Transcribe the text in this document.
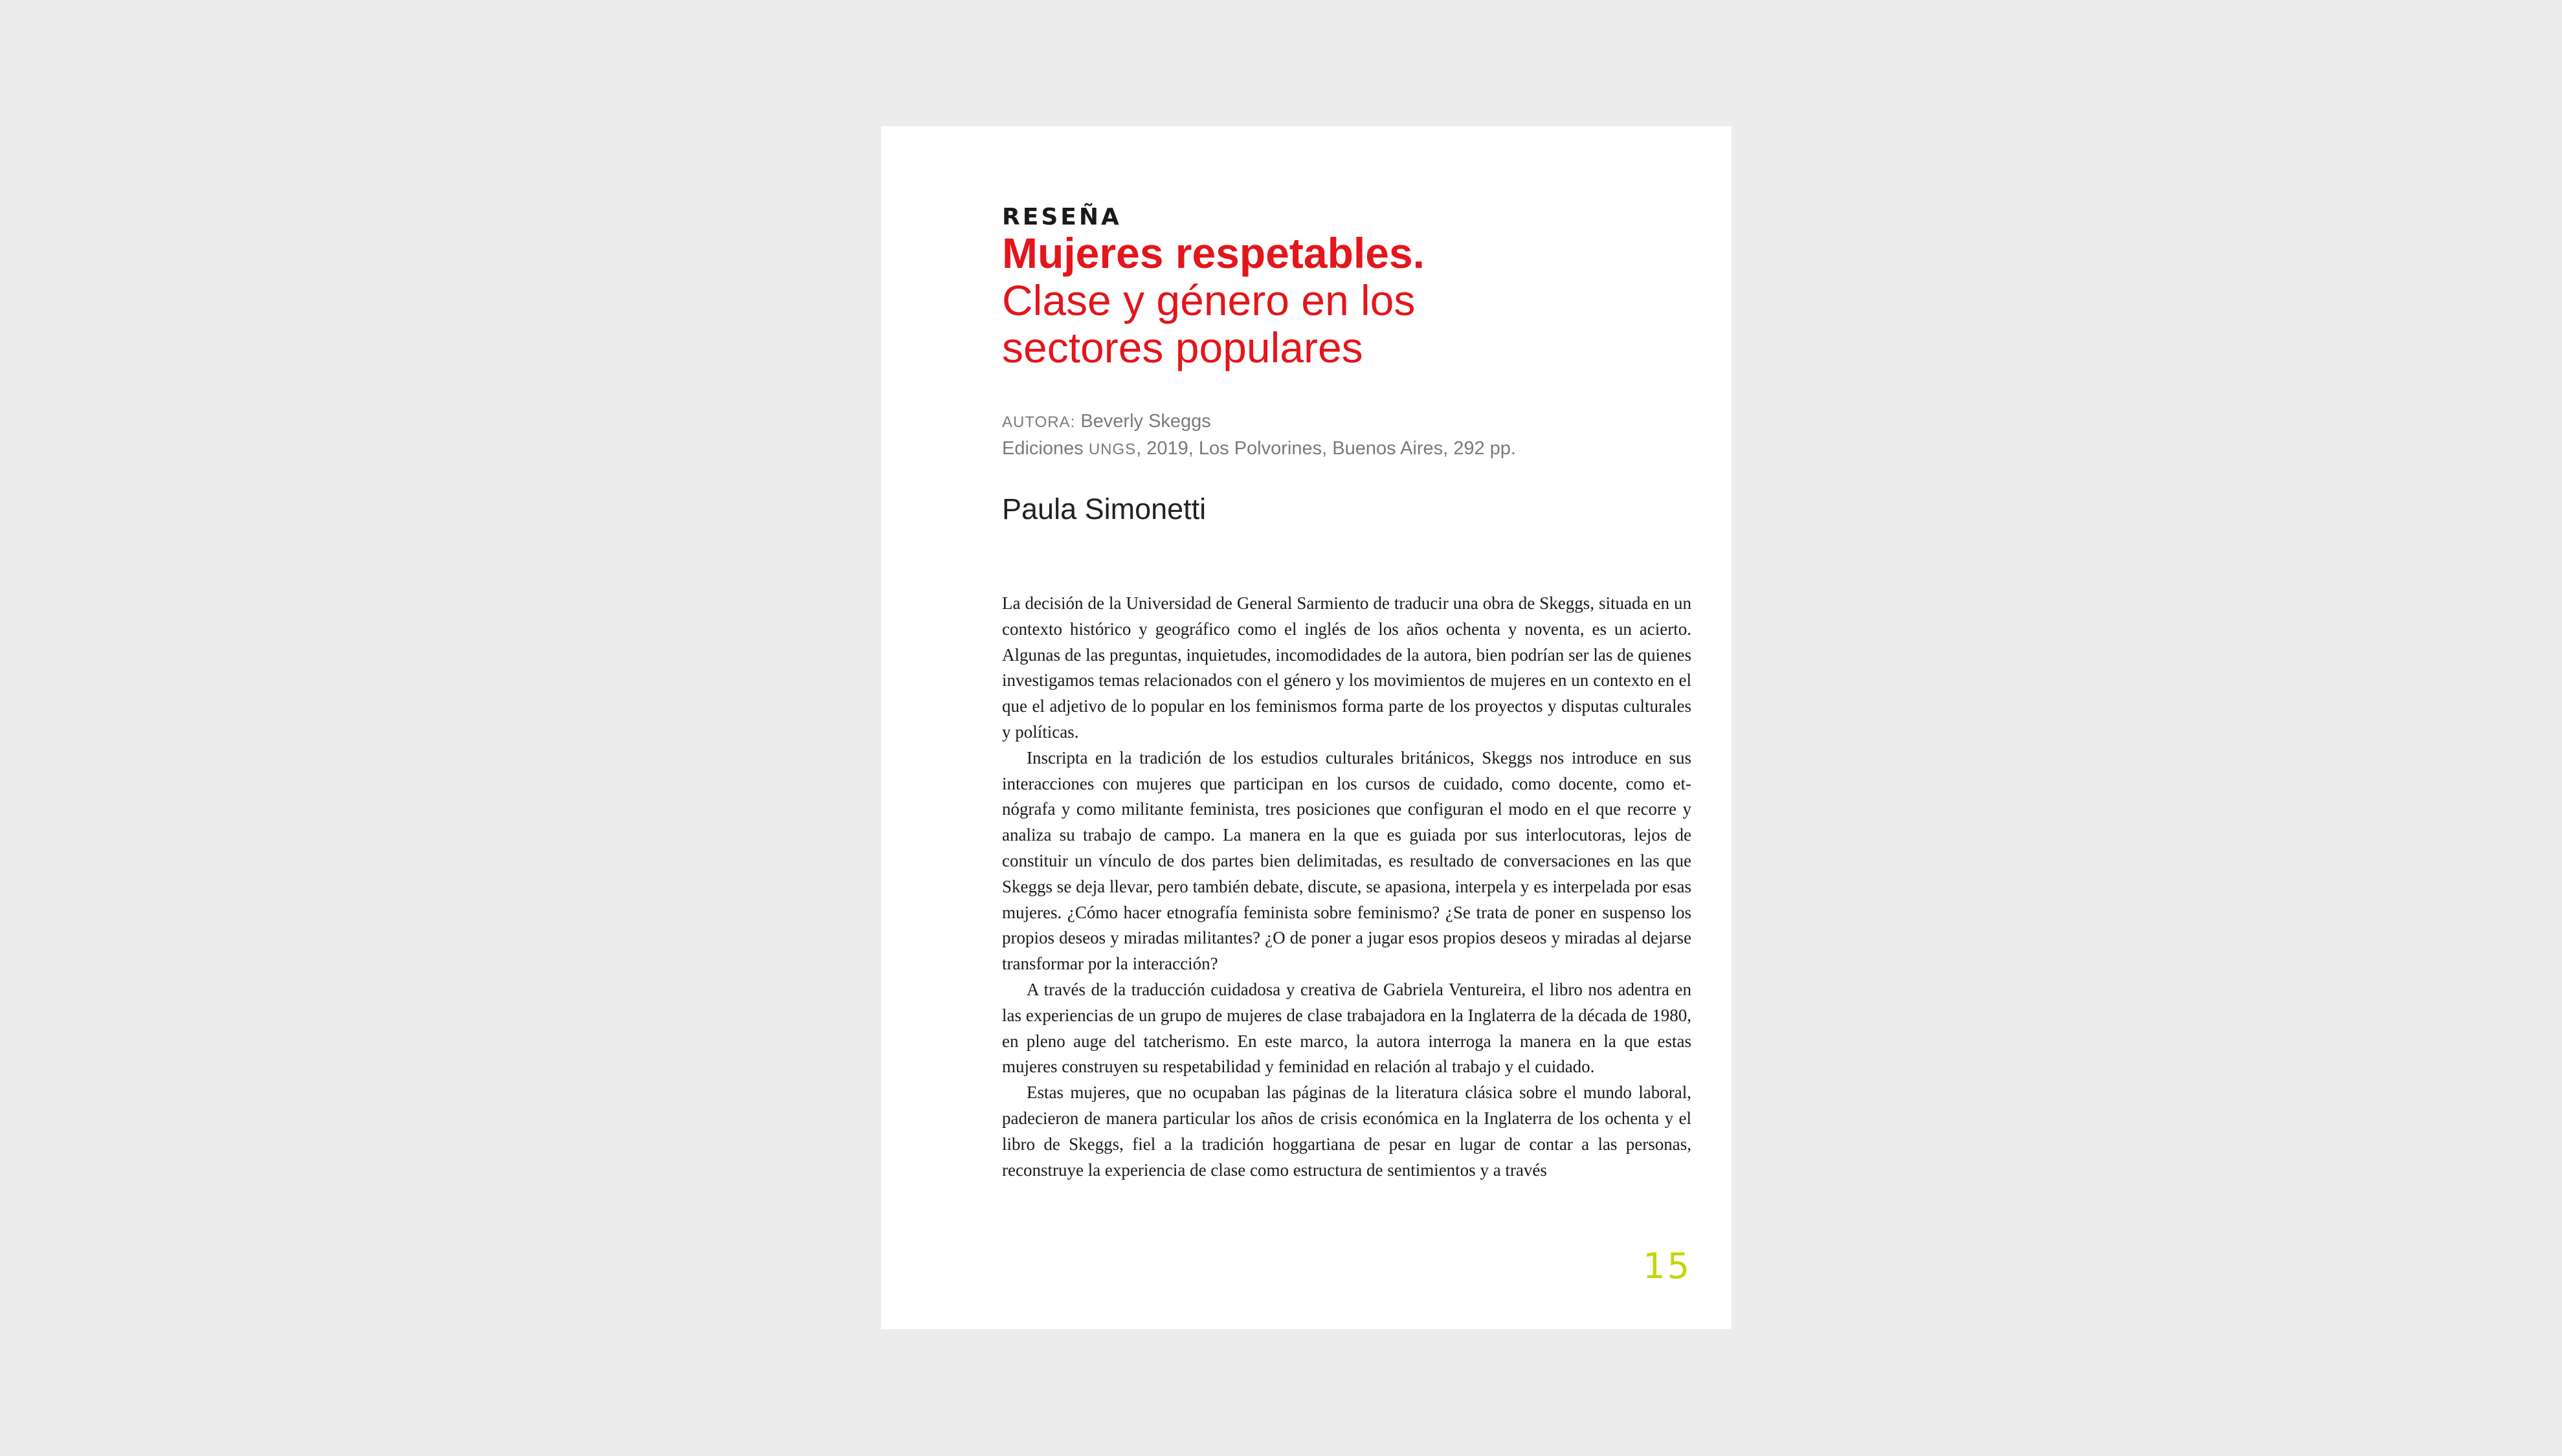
RESEÑA
Mujeres respetables.
Clase y género en los
sectores populares
AUTORA: Beverly Skeggs
Ediciones UNGS, 2019, Los Polvorines, Buenos Aires, 292 pp.
Paula Simonetti

La decisión de la Universidad de General Sarmiento de traducir una obra de Skeggs, situada en un contexto histórico y geográfico como el inglés de los años ochenta y noventa, es un acierto. Algunas de las preguntas, inquietudes, incomodidades de la autora, bien podrían ser las de quienes investigamos temas relacionados con el género y los movimientos de mujeres en un contexto en el que el adjetivo de lo popular en los feminismos forma parte de los proyectos y disputas culturales y políticas.

Inscripta en la tradición de los estudios culturales británicos, Skeggs nos introduce en sus interacciones con mujeres que participan en los cursos de cuidado, como docente, como et-nógrafa y como militante feminista, tres posiciones que configuran el modo en el que recorre y analiza su trabajo de campo. La manera en la que es guiada por sus interlocutoras, lejos de constituir un vínculo de dos partes bien delimitadas, es resultado de conversaciones en las que Skeggs se deja llevar, pero también debate, discute, se apasiona, interpela y es interpelada por esas mujeres. ¿Cómo hacer etnografía feminista sobre feminismo? ¿Se trata de poner en suspenso los propios deseos y miradas militantes? ¿O de poner a jugar esos propios deseos y miradas al dejarse transformar por la interacción?

A través de la traducción cuidadosa y creativa de Gabriela Ventureira, el libro nos adentra en las experiencias de un grupo de mujeres de clase trabajadora en la Inglaterra de la década de 1980, en pleno auge del tatcherismo. En este marco, la autora interroga la manera en la que estas mujeres construyen su respetabilidad y feminidad en relación al trabajo y el cuidado.

Estas mujeres, que no ocupaban las páginas de la literatura clásica sobre el mundo laboral, padecieron de manera particular los años de crisis económica en la Inglaterra de los ochenta y el libro de Skeggs, fiel a la tradición hoggartiana de pesar en lugar de contar a las personas, reconstruye la experiencia de clase como estructura de sentimientos y a través

15
